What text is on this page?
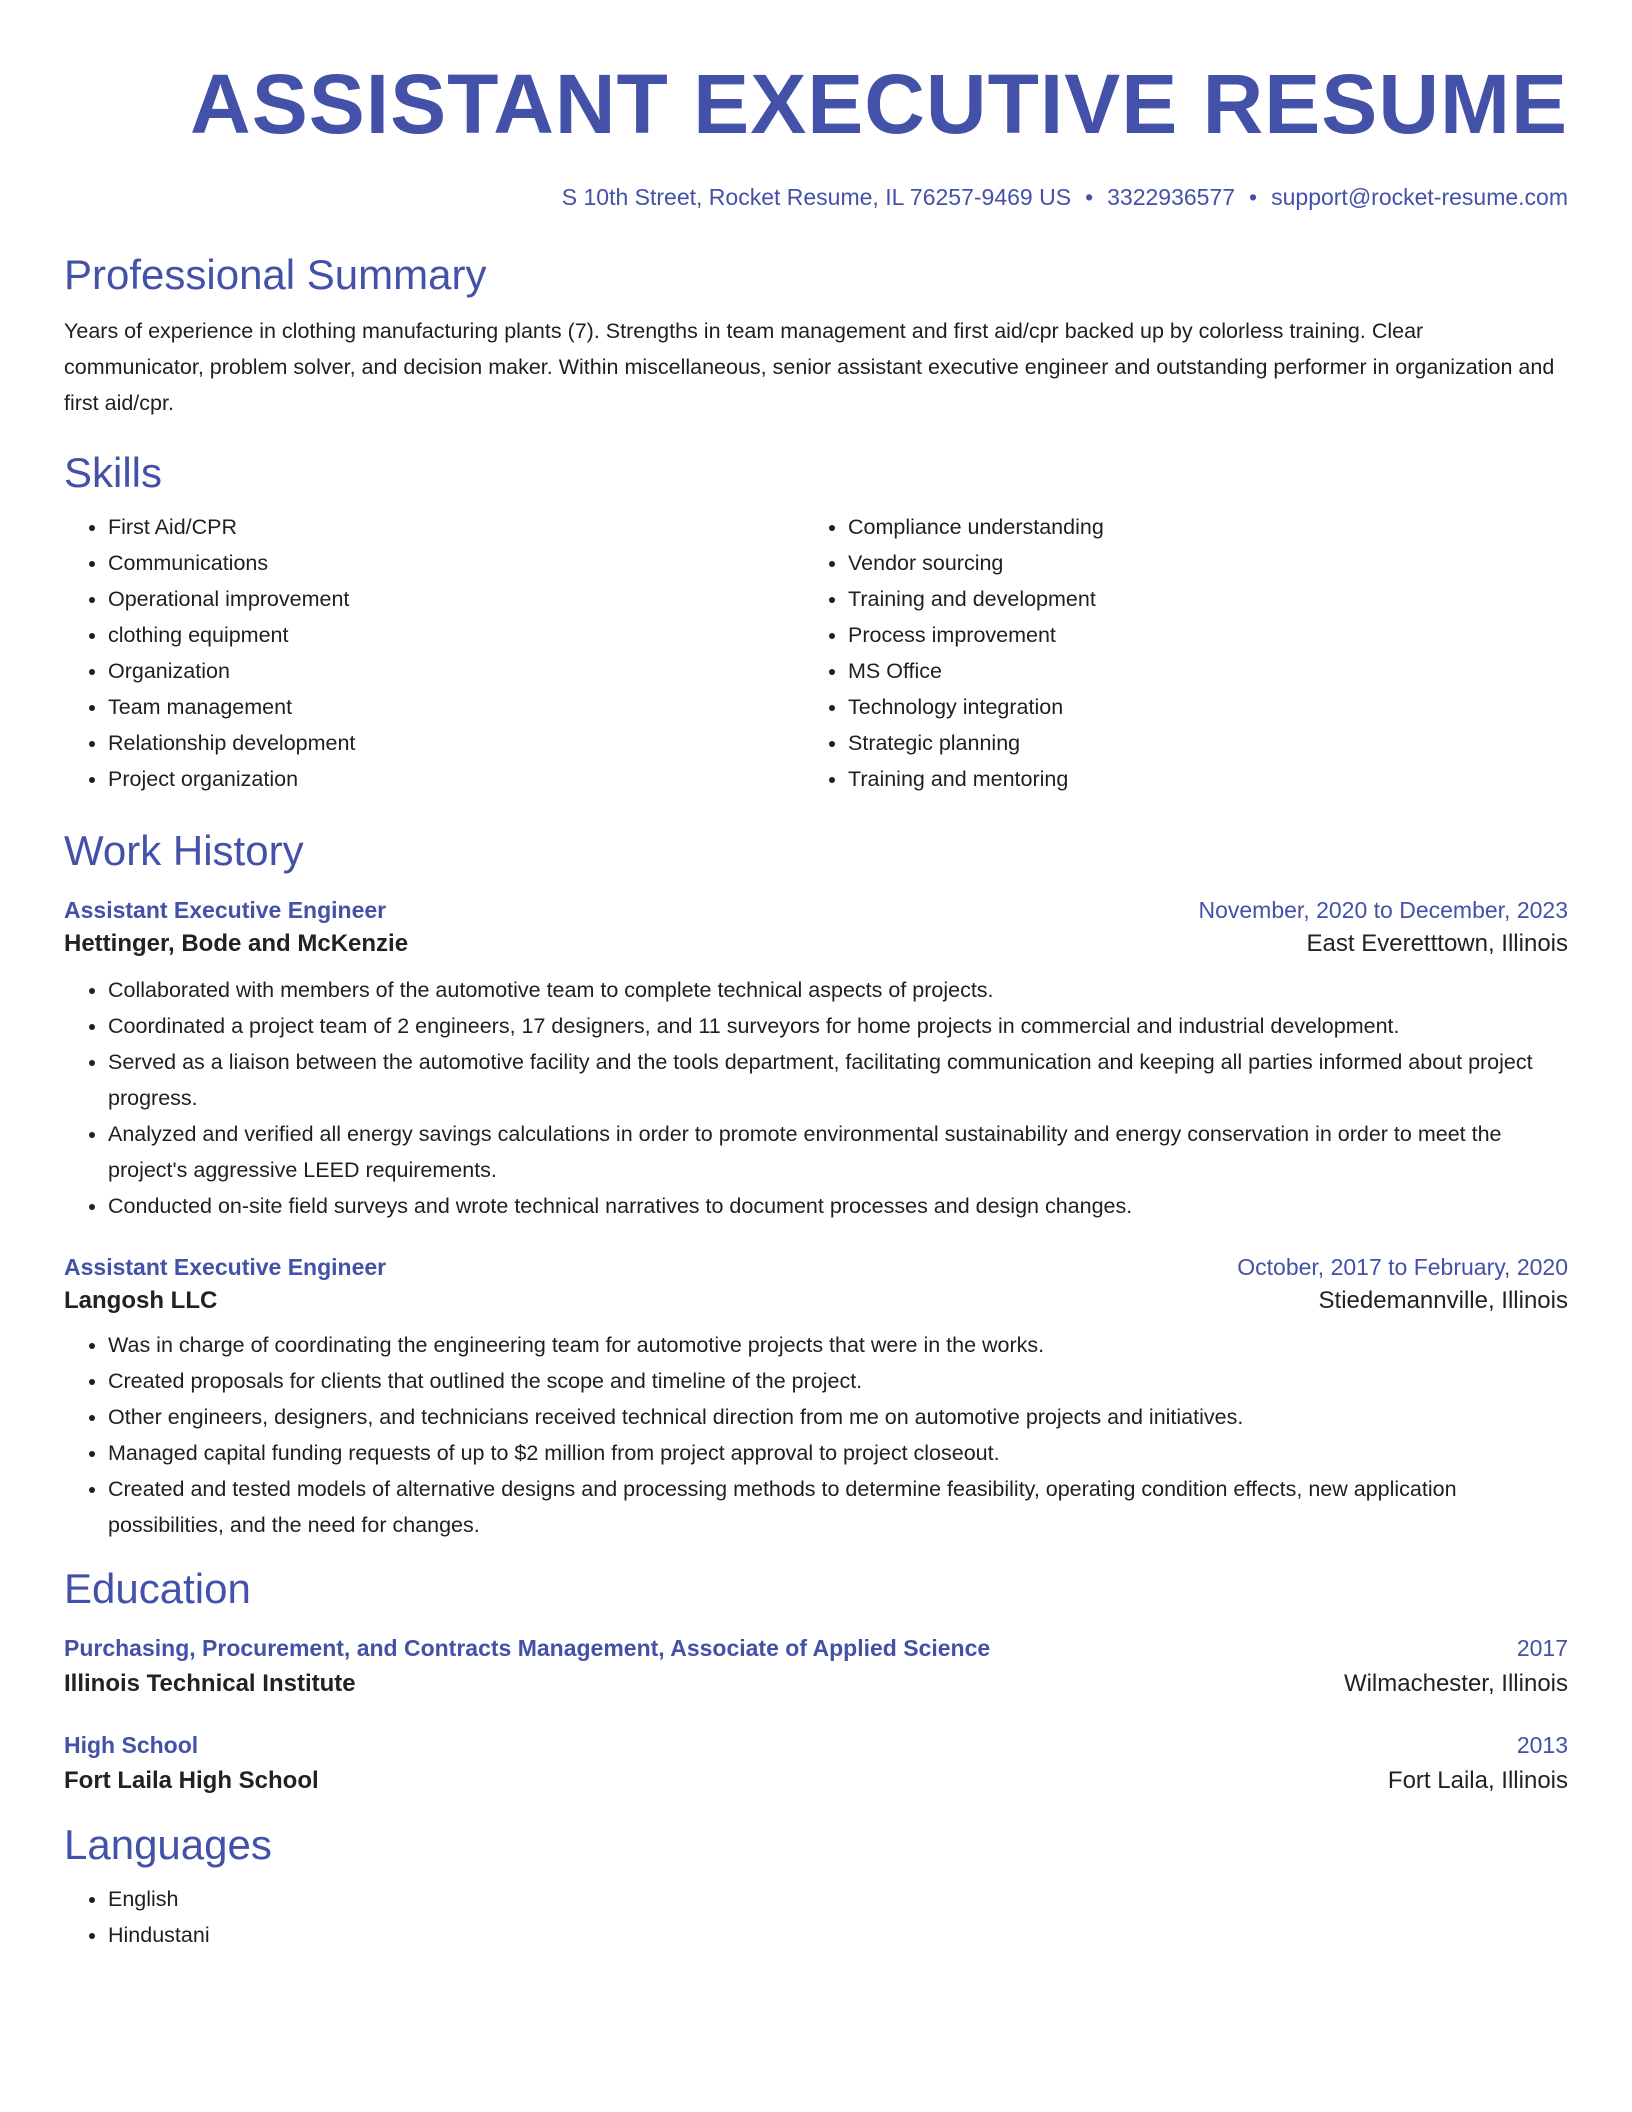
ASSISTANT EXECUTIVE RESUME
S 10th Street, Rocket Resume, IL 76257-9469 US • 3322936577 • support@rocket-resume.com
Professional Summary
Years of experience in clothing manufacturing plants (7). Strengths in team management and first aid/cpr backed up by colorless training. Clear communicator, problem solver, and decision maker. Within miscellaneous, senior assistant executive engineer and outstanding performer in organization and first aid/cpr.
Skills
• First Aid/CPR
• Communications
• Operational improvement
• clothing equipment
• Organization
• Team management
• Relationship development
• Project organization
• Compliance understanding
• Vendor sourcing
• Training and development
• Process improvement
• MS Office
• Technology integration
• Strategic planning
• Training and mentoring
Work History
Assistant Executive Engineer	November, 2020 to December, 2023
Hettinger, Bode and McKenzie	East Everetttown, Illinois
• Collaborated with members of the automotive team to complete technical aspects of projects.
• Coordinated a project team of 2 engineers, 17 designers, and 11 surveyors for home projects in commercial and industrial development.
• Served as a liaison between the automotive facility and the tools department, facilitating communication and keeping all parties informed about project progress.
• Analyzed and verified all energy savings calculations in order to promote environmental sustainability and energy conservation in order to meet the project's aggressive LEED requirements.
• Conducted on-site field surveys and wrote technical narratives to document processes and design changes.
Assistant Executive Engineer	October, 2017 to February, 2020
Langosh LLC	Stiedemannville, Illinois
• Was in charge of coordinating the engineering team for automotive projects that were in the works.
• Created proposals for clients that outlined the scope and timeline of the project.
• Other engineers, designers, and technicians received technical direction from me on automotive projects and initiatives.
• Managed capital funding requests of up to $2 million from project approval to project closeout.
• Created and tested models of alternative designs and processing methods to determine feasibility, operating condition effects, new application possibilities, and the need for changes.
Education
Purchasing, Procurement, and Contracts Management, Associate of Applied Science	2017
Illinois Technical Institute	Wilmachester, Illinois
High School	2013
Fort Laila High School	Fort Laila, Illinois
Languages
• English
• Hindustani
